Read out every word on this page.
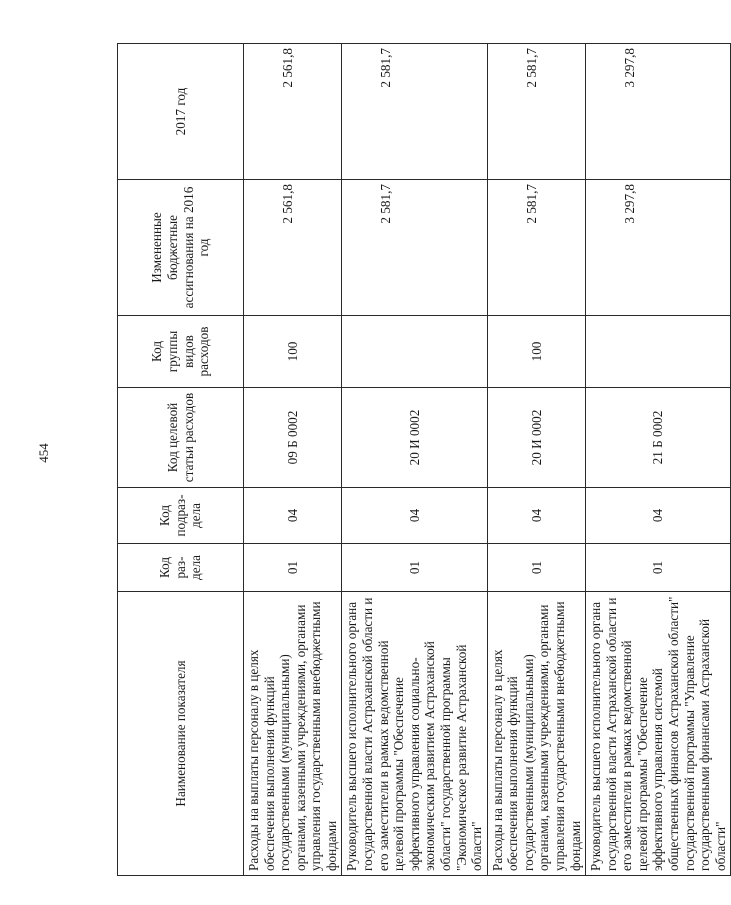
454
Наименование показателя	Код раз-дела	Код подраз-дела	Код целевой статьи расходов	Код группы видов расходов	Измененные бюджетные ассигнования на 2016 год	2017 год
Расходы на выплаты персоналу в целях обеспечения выполнения функций государственными (муниципальными) органами, казенными учреждениями, органами управления государственными внебюджетными фондами	01	04	09 Б 0002	100	2 561,8	2 561,8
Руководитель высшего исполнительного органа государственной власти Астраханской области и его заместители в рамках ведомственной целевой программы "Обеспечение эффективного управления социально-экономическим развитием Астраханской области" государственной программы "Экономическое развитие Астраханской области"	01	04	20 И 0002		2 581,7	2 581,7
Расходы на выплаты персоналу в целях обеспечения выполнения функций государственными (муниципальными) органами, казенными учреждениями, органами управления государственными внебюджетными фондами	01	04	20 И 0002	100	2 581,7	2 581,7
Руководитель высшего исполнительного органа государственной власти Астраханской области и его заместители в рамках ведомственной целевой программы "Обеспечение эффективного управления системой общественных финансов Астраханской области" государственной программы "Управление государственными финансами Астраханской области"	01	04	21 Б 0002		3 297,8	3 297,8
